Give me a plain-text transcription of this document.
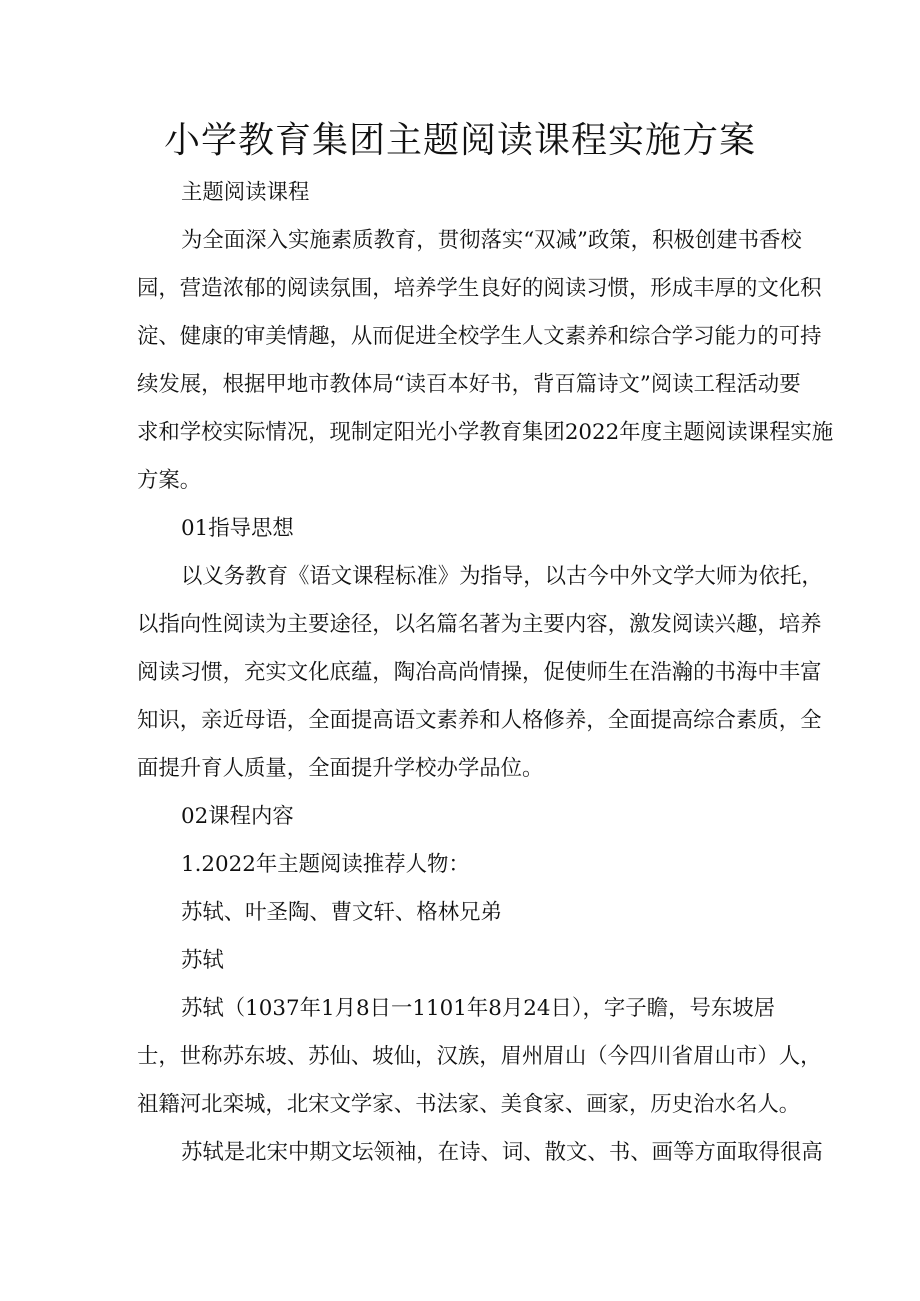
小学教育集团主题阅读课程实施方案

主题阅读课程

为全面深入实施素质教育，贯彻落实“双减”政策，积极创建书香校

园，营造浓郁的阅读氛围，培养学生良好的阅读习惯，形成丰厚的文化积

淀、健康的审美情趣，从而促进全校学生人文素养和综合学习能力的可持

续发展，根据甲地市教体局“读百本好书，背百篇诗文”阅读工程活动要

求和学校实际情况，现制定阳光小学教育集团2022年度主题阅读课程实施

方案。

01指导思想

以义务教育《语文课程标准》为指导，以古今中外文学大师为依托，

以指向性阅读为主要途径，以名篇名著为主要内容，激发阅读兴趣，培养

阅读习惯，充实文化底蕴，陶冶高尚情操，促使师生在浩瀚的书海中丰富

知识，亲近母语，全面提高语文素养和人格修养，全面提高综合素质，全

面提升育人质量，全面提升学校办学品位。

02课程内容

1.2022年主题阅读推荐人物：

苏轼、叶圣陶、曹文轩、格林兄弟

苏轼

苏轼（1037年1月8日一1101年8月24日），字子瞻，号东坡居

士，世称苏东坡、苏仙、坡仙，汉族，眉州眉山（今四川省眉山市）人，

祖籍河北栾城，北宋文学家、书法家、美食家、画家，历史治水名人。

苏轼是北宋中期文坛领袖，在诗、词、散文、书、画等方面取得很高
